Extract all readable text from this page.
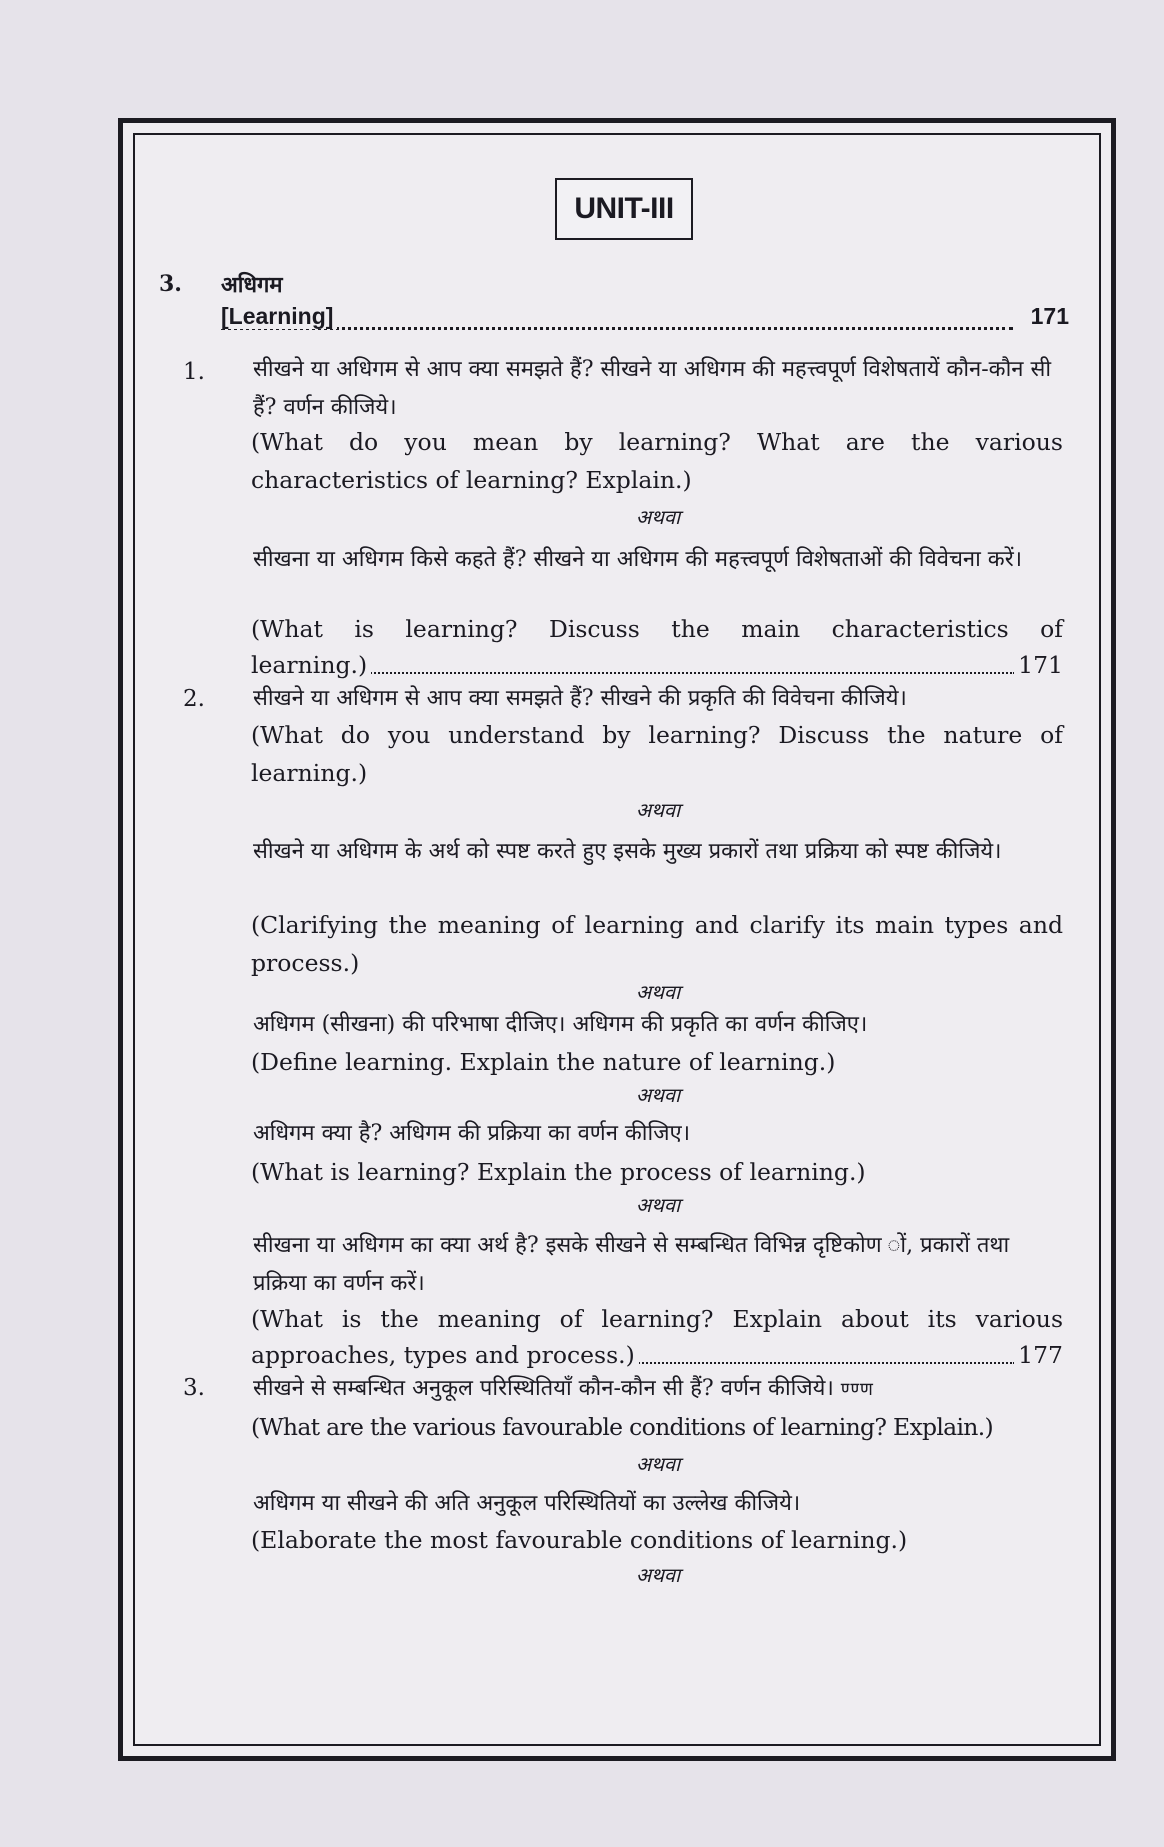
UNIT-III
3. अधिगम
[Learning]	171
1. सीखने या अधिगम से आप क्या समझते हैं? सीखने या अधिगम की महत्त्वपूर्ण विशेषतायें कौन-कौन सी हैं? वर्णन कीजिये।
(What do you mean by learning? What are the various characteristics of learning? Explain.)
अथवा
सीखना या अधिगम किसे कहते हैं? सीखने या अधिगम की महत्त्वपूर्ण विशेषताओं की विवेचना करें।
(What is learning? Discuss the main characteristics of
learning.)	171
2. सीखने या अधिगम से आप क्या समझते हैं? सीखने की प्रकृति की विवेचना कीजिये।
(What do you understand by learning? Discuss the nature of learning.)
अथवा
सीखने या अधिगम के अर्थ को स्पष्ट करते हुए इसके मुख्य प्रकारों तथा प्रक्रिया को स्पष्ट कीजिये।
(Clarifying the meaning of learning and clarify its main types and process.)
अथवा
अधिगम (सीखना) की परिभाषा दीजिए। अधिगम की प्रकृति का वर्णन कीजिए।
(Define learning. Explain the nature of learning.)
अथवा
अधिगम क्या है? अधिगम की प्रक्रिया का वर्णन कीजिए।
(What is learning? Explain the process of learning.)
अथवा
सीखना या अधिगम का क्या अर्थ है? इसके सीखने से सम्बन्धित विभिन्न दृष्टिकोण ों, प्रकारों तथा प्रक्रिया का वर्णन करें।
(What is the meaning of learning? Explain about its various
approaches, types and process.)	177
3. सीखने से सम्बन्धित अनुकूल परिस्थितियाँ कौन-कौन सी हैं? वर्णन कीजिये। ण्ण्ण
(What are the various favourable conditions of learning? Explain.)
अथवा
अधिगम या सीखने की अति अनुकूल परिस्थितियों का उल्लेख कीजिये।
(Elaborate the most favourable conditions of learning.)
अथवा
